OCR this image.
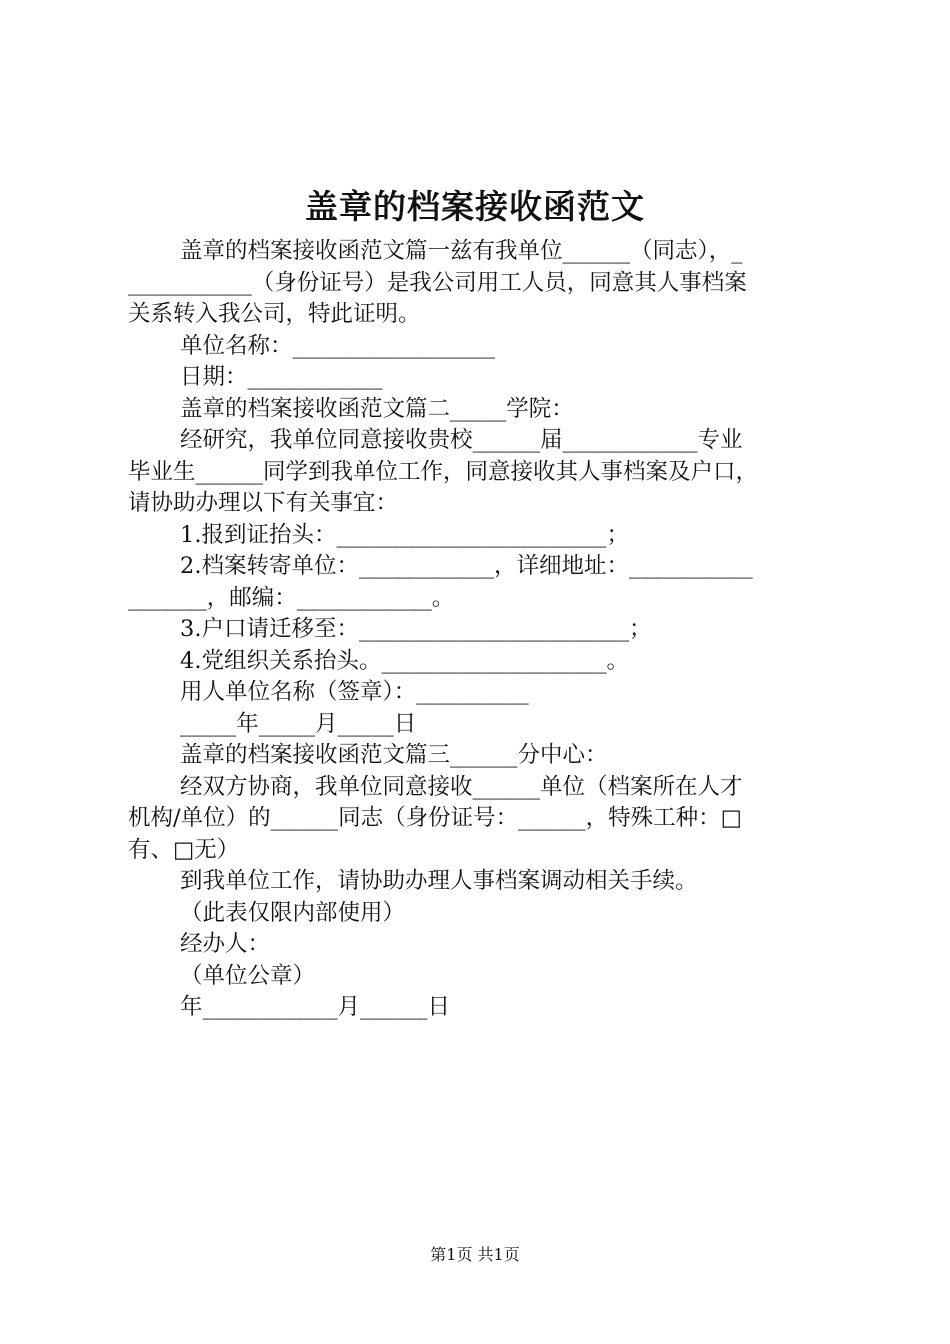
盖章的档案接收函范文

盖章的档案接收函范文篇一兹有我单位______（同志），_

___________（身份证号）是我公司用工人员，同意其人事档案

关系转入我公司，特此证明。

单位名称：__________________

日期：____________

盖章的档案接收函范文篇二_____学院：

经研究，我单位同意接收贵校______届____________专业

毕业生______同学到我单位工作，同意接收其人事档案及户口，

请协助办理以下有关事宜：

1.报到证抬头：________________________；

2.档案转寄单位：____________，详细地址：___________

_______，邮编：____________。

3.户口请迁移至：________________________；

4.党组织关系抬头。____________________。

用人单位名称（签章）：__________

_____年_____月_____日

盖章的档案接收函范文篇三______分中心：

经双方协商，我单位同意接收______单位（档案所在人才

机构/单位）的______同志（身份证号：______，特殊工种：□

有、□无）

到我单位工作，请协助办理人事档案调动相关手续。

（此表仅限内部使用）

经办人：

（单位公章）

年____________月______日

第1页 共1页
